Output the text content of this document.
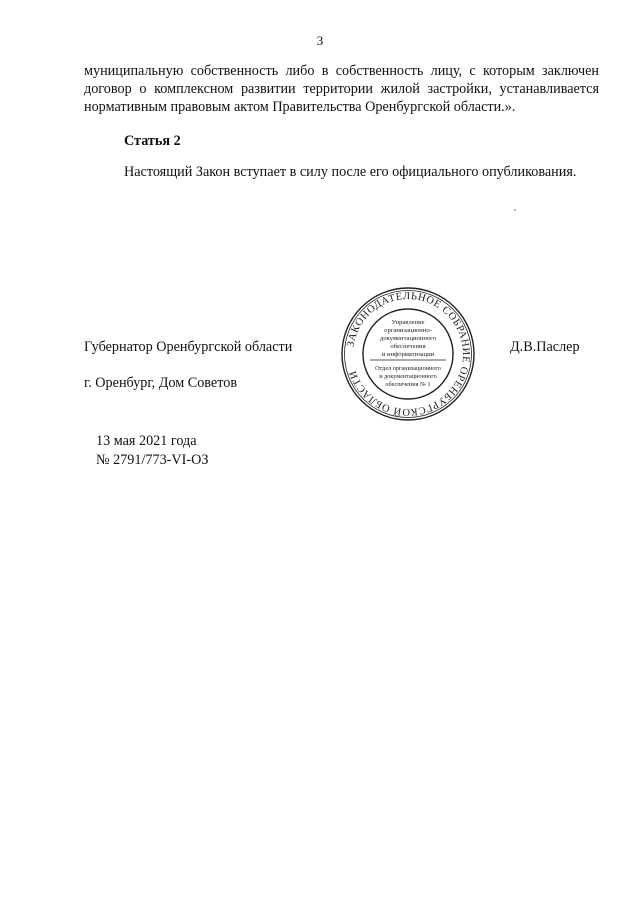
3
муниципальную собственность либо в собственность лицу, с которым заключен
договор о комплексном развитии территории жилой застройки, устанавливается
нормативным правовым актом Правительства Оренбургской области.».
Статья 2
Настоящий Закон вступает в силу после его официального опубликования.
Губернатор Оренбургской области	Д.В.Паслер
г. Оренбург, Дом Советов
13 мая 2021 года
№ 2791/773-VI-ОЗ
ЗАКОНОДАТЕЛЬНОЕ СОБРАНИЕ ОРЕНБУРГСКОЙ ОБЛАСТИ
Управление
организационно-
документационного
обеспечения
и информатизации
Отдел организационного
и документационного
обеспечения № 1
